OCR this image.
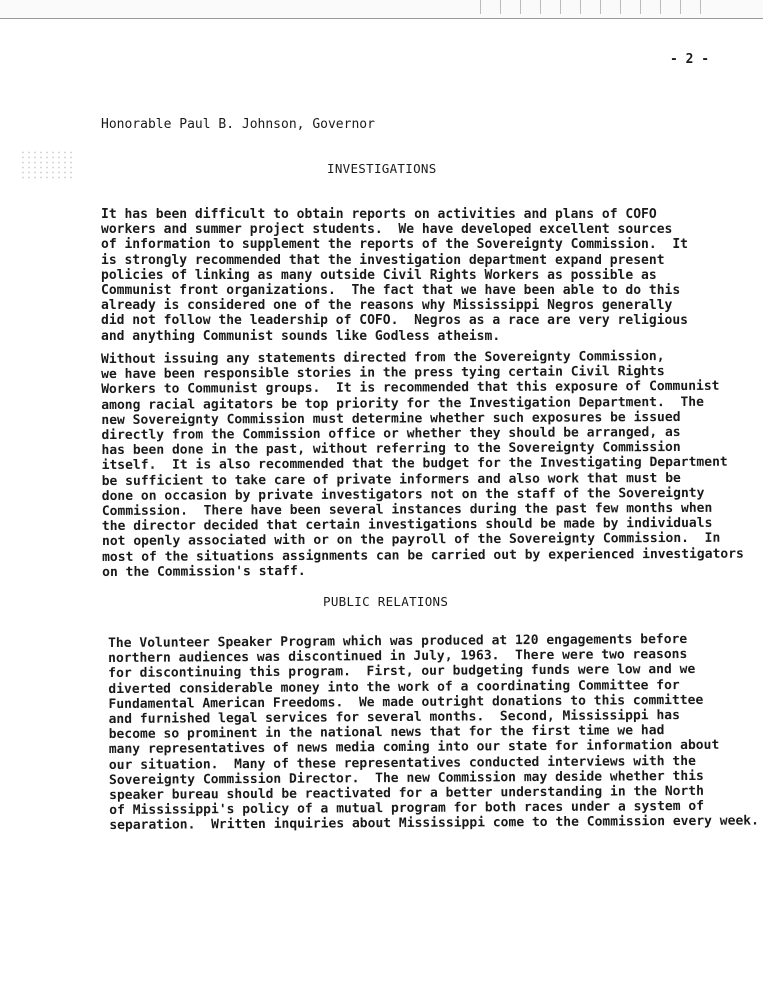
- 2 -
Honorable Paul B. Johnson, Governor
INVESTIGATIONS
It has been difficult to obtain reports on activities and plans of COFO
workers and summer project students.  We have developed excellent sources
of information to supplement the reports of the Sovereignty Commission.  It
is strongly recommended that the investigation department expand present
policies of linking as many outside Civil Rights Workers as possible as
Communist front organizations.  The fact that we have been able to do this
already is considered one of the reasons why Mississippi Negros generally
did not follow the leadership of COFO.  Negros as a race are very religious
and anything Communist sounds like Godless atheism.
Without issuing any statements directed from the Sovereignty Commission,
we have been responsible stories in the press tying certain Civil Rights
Workers to Communist groups.  It is recommended that this exposure of Communist
among racial agitators be top priority for the Investigation Department.  The
new Sovereignty Commission must determine whether such exposures be issued
directly from the Commission office or whether they should be arranged, as
has been done in the past, without referring to the Sovereignty Commission
itself.  It is also recommended that the budget for the Investigating Department
be sufficient to take care of private informers and also work that must be
done on occasion by private investigators not on the staff of the Sovereignty
Commission.  There have been several instances during the past few months when
the director decided that certain investigations should be made by individuals
not openly associated with or on the payroll of the Sovereignty Commission.  In
most of the situations assignments can be carried out by experienced investigators
on the Commission's staff.
PUBLIC RELATIONS
The Volunteer Speaker Program which was produced at 120 engagements before
northern audiences was discontinued in July, 1963.  There were two reasons
for discontinuing this program.  First, our budgeting funds were low and we
diverted considerable money into the work of a coordinating Committee for
Fundamental American Freedoms.  We made outright donations to this committee
and furnished legal services for several months.  Second, Mississippi has
become so prominent in the national news that for the first time we had
many representatives of news media coming into our state for information about
our situation.  Many of these representatives conducted interviews with the
Sovereignty Commission Director.  The new Commission may deside whether this
speaker bureau should be reactivated for a better understanding in the North
of Mississippi's policy of a mutual program for both races under a system of
separation.  Written inquiries about Mississippi come to the Commission every week.
